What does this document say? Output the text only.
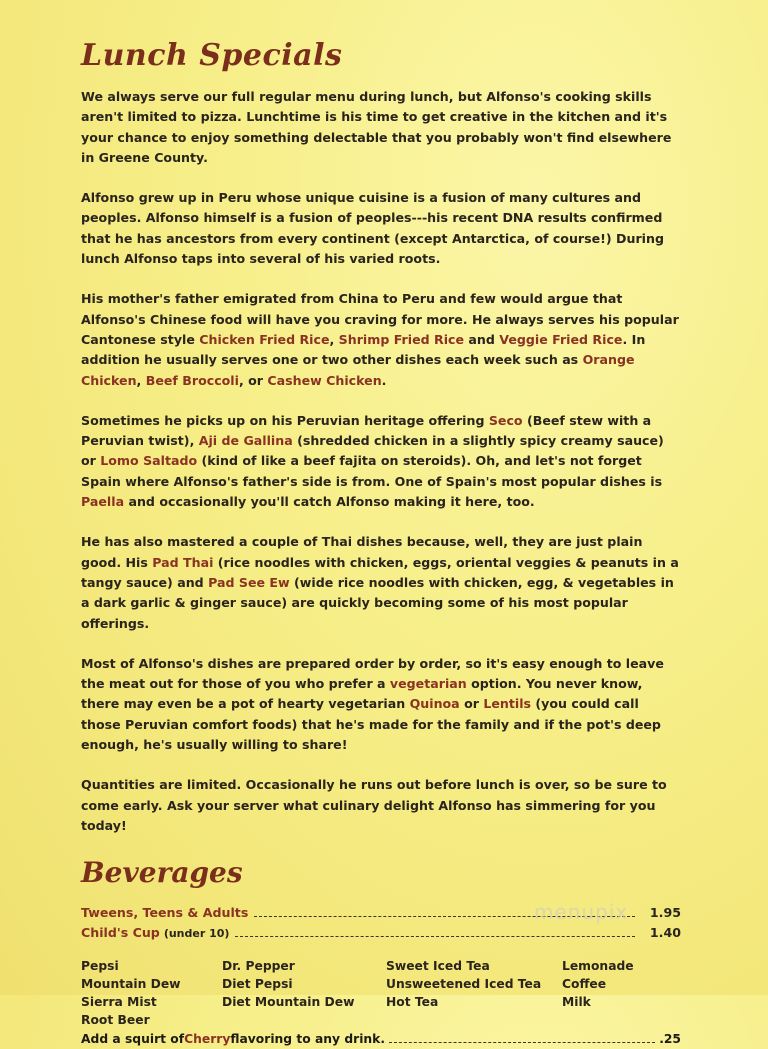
Lunch Specials

We always serve our full regular menu during lunch, but Alfonso's cooking skills aren't limited to pizza. Lunchtime is his time to get creative in the kitchen and it's your chance to enjoy something delectable that you probably won't find elsewhere in Greene County.

Alfonso grew up in Peru whose unique cuisine is a fusion of many cultures and peoples. Alfonso himself is a fusion of peoples---his recent DNA results confirmed that he has ancestors from every continent (except Antarctica, of course!) During lunch Alfonso taps into several of his varied roots.

His mother's father emigrated from China to Peru and few would argue that Alfonso's Chinese food will have you craving for more. He always serves his popular Cantonese style Chicken Fried Rice, Shrimp Fried Rice and Veggie Fried Rice. In addition he usually serves one or two other dishes each week such as Orange Chicken, Beef Broccoli, or Cashew Chicken.

Sometimes he picks up on his Peruvian heritage offering Seco (Beef stew with a Peruvian twist), Aji de Gallina (shredded chicken in a slightly spicy creamy sauce) or Lomo Saltado (kind of like a beef fajita on steroids). Oh, and let's not forget Spain where Alfonso's father's side is from. One of Spain's most popular dishes is Paella and occasionally you'll catch Alfonso making it here, too.

He has also mastered a couple of Thai dishes because, well, they are just plain good. His Pad Thai (rice noodles with chicken, eggs, oriental veggies & peanuts in a tangy sauce) and Pad See Ew (wide rice noodles with chicken, egg, & vegetables in a dark garlic & ginger sauce) are quickly becoming some of his most popular offerings.

Most of Alfonso's dishes are prepared order by order, so it's easy enough to leave the meat out for those of you who prefer a vegetarian option. You never know, there may even be a pot of hearty vegetarian Quinoa or Lentils (you could call those Peruvian comfort foods) that he's made for the family and if the pot's deep enough, he's usually willing to share!

Quantities are limited. Occasionally he runs out before lunch is over, so be sure to come early. Ask your server what culinary delight Alfonso has simmering for you today!

Beverages
Tweens, Teens & Adults	1.95
Child's Cup (under 10)	1.40
Pepsi	Dr. Pepper	Sweet Iced Tea	Lemonade
Mountain Dew	Diet Pepsi	Unsweetened Iced Tea	Coffee
Sierra Mist	Diet Mountain Dew	Hot Tea	Milk
Root Beer
Add a squirt of Cherry flavoring to any drink.	.25
menupix
